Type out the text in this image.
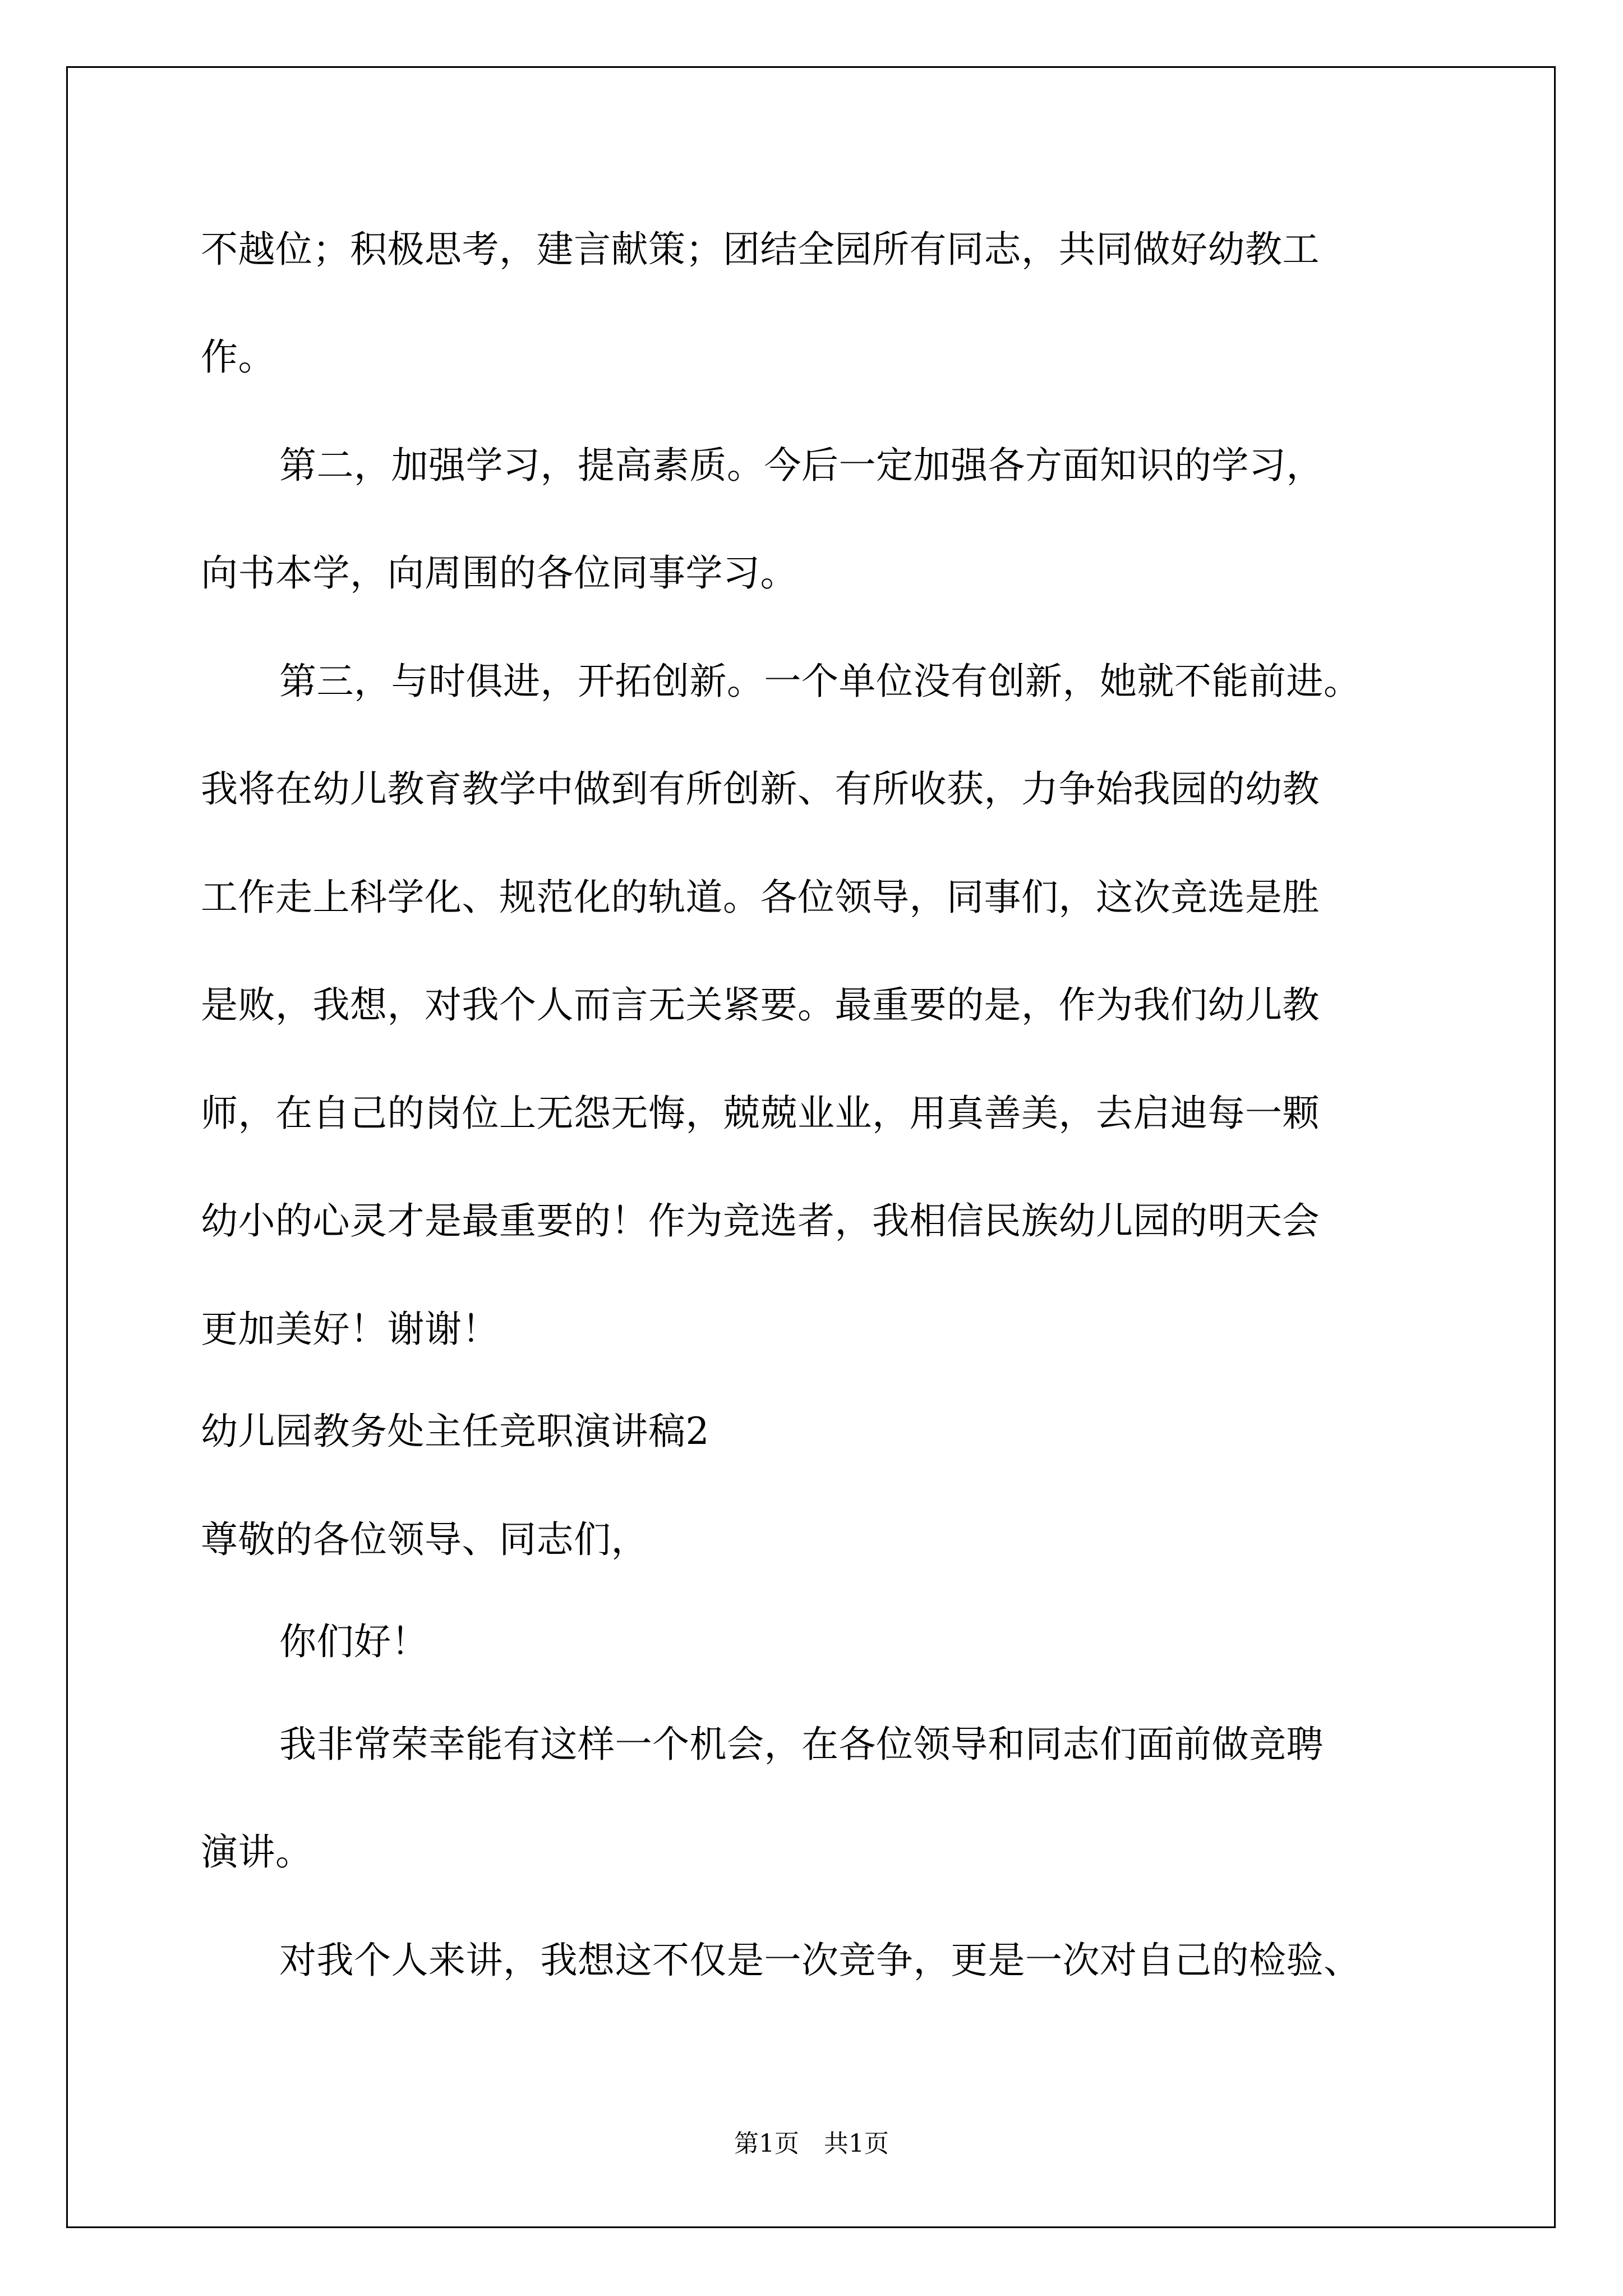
不越位；积极思考，建言献策；团结全园所有同志，共同做好幼教工
作。
第二，加强学习，提高素质。今后一定加强各方面知识的学习，
向书本学，向周围的各位同事学习。
第三，与时俱进，开拓创新。一个单位没有创新，她就不能前进。
我将在幼儿教育教学中做到有所创新、有所收获，力争始我园的幼教
工作走上科学化、规范化的轨道。各位领导，同事们，这次竞选是胜
是败，我想，对我个人而言无关紧要。最重要的是，作为我们幼儿教
师，在自己的岗位上无怨无悔，兢兢业业，用真善美，去启迪每一颗
幼小的心灵才是最重要的！作为竞选者，我相信民族幼儿园的明天会
更加美好！谢谢！
幼儿园教务处主任竞职演讲稿2
尊敬的各位领导、同志们，
你们好！
我非常荣幸能有这样一个机会，在各位领导和同志们面前做竞聘
演讲。
对我个人来讲，我想这不仅是一次竞争，更是一次对自己的检验、
第1页　共1页
